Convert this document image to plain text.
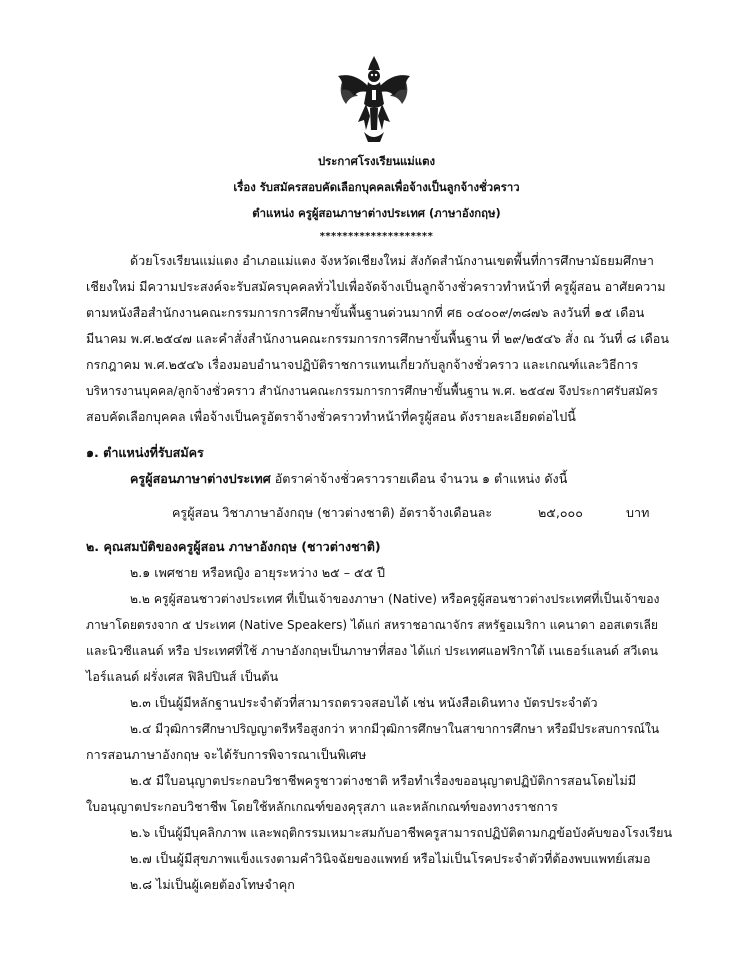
ประกาศโรงเรียนแม่แตง
เรื่อง รับสมัครสอบคัดเลือกบุคคลเพื่อจ้างเป็นลูกจ้างชั่วคราว
ตำแหน่ง ครูผู้สอนภาษาต่างประเทศ (ภาษาอังกฤษ)
********************
ด้วยโรงเรียนแม่แตง อำเภอแม่แตง จังหวัดเชียงใหม่ สังกัดสำนักงานเขตพื้นที่การศึกษามัธยมศึกษา
เชียงใหม่ มีความประสงค์จะรับสมัครบุคคลทั่วไปเพื่อจัดจ้างเป็นลูกจ้างชั่วคราวทำหน้าที่ ครูผู้สอน อาศัยความ
ตามหนังสือสำนักงานคณะกรรมการการศึกษาขั้นพื้นฐานด่วนมากที่ ศธ ๐๔๐๐๙/๓๘๗๖ ลงวันที่ ๑๕ เดือน
มีนาคม พ.ศ.๒๕๔๗ และคำสั่งสำนักงานคณะกรรมการการศึกษาขั้นพื้นฐาน ที่ ๒๙/๒๕๔๖ สั่ง ณ วันที่ ๘ เดือน
กรกฎาคม พ.ศ.๒๕๔๖ เรื่องมอบอำนาจปฏิบัติราชการแทนเกี่ยวกับลูกจ้างชั่วคราว และเกณฑ์และวิธีการ
บริหารงานบุคคล/ลูกจ้างชั่วคราว สำนักงานคณะกรรมการการศึกษาขั้นพื้นฐาน พ.ศ. ๒๕๔๗ จึงประกาศรับสมัคร
สอบคัดเลือกบุคคล เพื่อจ้างเป็นครูอัตราจ้างชั่วคราวทำหน้าที่ครูผู้สอน ดังรายละเอียดต่อไปนี้
๑. ตำแหน่งที่รับสมัคร
ครูผู้สอนภาษาต่างประเทศ อัตราค่าจ้างชั่วคราวรายเดือน จำนวน ๑ ตำแหน่ง ดังนี้
ครูผู้สอน วิชาภาษาอังกฤษ (ชาวต่างชาติ) อัตราจ้างเดือนละ	๒๕,๐๐๐	บาท
๒. คุณสมบัติของครูผู้สอน ภาษาอังกฤษ (ชาวต่างชาติ)
๒.๑ เพศชาย หรือหญิง อายุระหว่าง ๒๕ – ๕๕ ปี
๒.๒ ครูผู้สอนชาวต่างประเทศ ที่เป็นเจ้าของภาษา (Native) หรือครูผู้สอนชาวต่างประเทศที่เป็นเจ้าของ
ภาษาโดยตรงจาก ๕ ประเทศ (Native Speakers) ได้แก่ สหราชอาณาจักร สหรัฐอเมริกา แคนาดา ออสเตรเลีย
และนิวซีแลนด์ หรือ ประเทศที่ใช้ ภาษาอังกฤษเป็นภาษาที่สอง ได้แก่ ประเทศแอฟริกาใต้ เนเธอร์แลนด์ สวีเดน
ไอร์แลนด์ ฝรั่งเศส ฟิลิปปินส์ เป็นต้น
๒.๓ เป็นผู้มีหลักฐานประจำตัวที่สามารถตรวจสอบได้ เช่น หนังสือเดินทาง บัตรประจำตัว
๒.๔ มีวุฒิการศึกษาปริญญาตรีหรือสูงกว่า หากมีวุฒิการศึกษาในสาขาการศึกษา หรือมีประสบการณ์ใน
การสอนภาษาอังกฤษ จะได้รับการพิจารณาเป็นพิเศษ
๒.๕ มีใบอนุญาตประกอบวิชาชีพครูชาวต่างชาติ หรือทำเรื่องขออนุญาตปฏิบัติการสอนโดยไม่มี
ใบอนุญาตประกอบวิชาชีพ โดยใช้หลักเกณฑ์ของคุรุสภา และหลักเกณฑ์ของทางราชการ
๒.๖ เป็นผู้มีบุคลิกภาพ และพฤติกรรมเหมาะสมกับอาชีพครูสามารถปฏิบัติตามกฎข้อบังคับของโรงเรียน
๒.๗ เป็นผู้มีสุขภาพแข็งแรงตามคำวินิจฉัยของแพทย์ หรือไม่เป็นโรคประจำตัวที่ต้องพบแพทย์เสมอ
๒.๘ ไม่เป็นผู้เคยต้องโทษจำคุก
